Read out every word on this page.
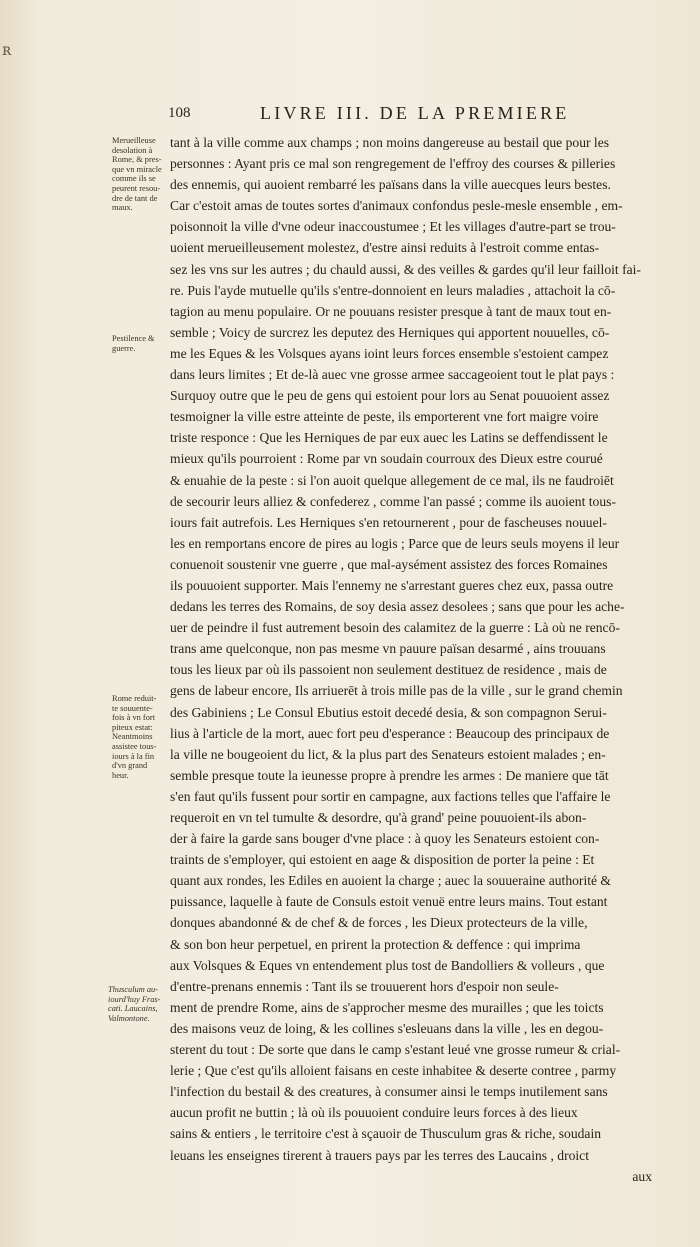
ʀ
108	LIVRE III. DE LA PREMIERE
Merueilleuse
desolation à
Rome, & pres-
que vn miracle
comme ils se
peurent resou-
dre de tant de
maux.
Pestilence &
guerre.
Rome reduit-
te souuente-
fois à vn fort
piteux estat:
Neantmoins
assistee tous-
iours à la fin
d'vn grand
heur.
Thusculum au-
iourd'huy Fras-
cati. Laucains,
Valmontone.
tant à la ville comme aux champs ; non moins dangereuse au bestail que pour les
personnes : Ayant pris ce mal son rengregement de l'effroy des courses & pilleries
des ennemis, qui auoient rembarré les païsans dans la ville auecques leurs bestes.
Car c'estoit amas de toutes sortes d'animaux confondus pesle-mesle ensemble , em-
poisonnoit la ville d'vne odeur inaccoustumee ; Et les villages d'autre-part se trou-
uoient merueilleusement molestez, d'estre ainsi reduits à l'estroit comme entas-
sez les vns sur les autres ; du chauld aussi, & des veilles & gardes qu'il leur failloit fai-
re. Puis l'ayde mutuelle qu'ils s'entre-donnoient en leurs maladies , attachoit la cō-
tagion au menu populaire. Or ne pouuans resister presque à tant de maux tout en-
semble ; Voicy de surcrez les deputez des Herniques qui apportent nouuelles, cō-
me les Eques & les Volsques ayans ioint leurs forces ensemble s'estoient campez
dans leurs limites ; Et de-là auec vne grosse armee saccageoient tout le plat pays :
Surquoy outre que le peu de gens qui estoient pour lors au Senat pouuoient assez
tesmoigner la ville estre atteinte de peste, ils emporterent vne fort maigre voire
triste responce : Que les Herniques de par eux auec les Latins se deffendissent le
mieux qu'ils pourroient : Rome par vn soudain courroux des Dieux estre courué
& enuahie de la peste : si l'on auoit quelque allegement de ce mal, ils ne faudroiēt
de secourir leurs alliez & confederez , comme l'an passé ; comme ils auoient tous-
iours fait autrefois. Les Herniques s'en retournerent , pour de fascheuses nouuel-
les en remportans encore de pires au logis ; Parce que de leurs seuls moyens il leur
conuenoit soustenir vne guerre , que mal-aysément assistez des forces Romaines
ils pouuoient supporter. Mais l'ennemy ne s'arrestant gueres chez eux, passa outre
dedans les terres des Romains, de soy desia assez desolees ; sans que pour les ache-
uer de peindre il fust autrement besoin des calamitez de la guerre : Là où ne rencō-
trans ame quelconque, non pas mesme vn pauure païsan desarmé , ains trouuans
tous les lieux par où ils passoient non seulement destituez de residence , mais de
gens de labeur encore, Ils arriuerēt à trois mille pas de la ville , sur le grand chemin
des Gabiniens ; Le Consul Ebutius estoit decedé desia, & son compagnon Serui-
lius à l'article de la mort, auec fort peu d'esperance : Beaucoup des principaux de
la ville ne bougeoient du lict, & la plus part des Senateurs estoient malades ; en-
semble presque toute la ieunesse propre à prendre les armes : De maniere que tāt
s'en faut qu'ils fussent pour sortir en campagne, aux factions telles que l'affaire le
requeroit en vn tel tumulte & desordre, qu'à grand' peine pouuoient-ils abon-
der à faire la garde sans bouger d'vne place : à quoy les Senateurs estoient con-
traints de s'employer, qui estoient en aage & disposition de porter la peine : Et
quant aux rondes, les Ediles en auoient la charge ; auec la souueraine authorité &
puissance, laquelle à faute de Consuls estoit venuë entre leurs mains. Tout estant
donques abandonné & de chef & de forces , les Dieux protecteurs de la ville,
& son bon heur perpetuel, en prirent la protection & deffence : qui imprima
aux Volsques & Eques vn entendement plus tost de Bandolliers & volleurs , que
d'entre-prenans ennemis : Tant ils se trouuerent hors d'espoir non seule-
ment de prendre Rome, ains de s'approcher mesme des murailles ; que les toicts
des maisons veuz de loing, & les collines s'esleuans dans la ville , les en degou-
sterent du tout : De sorte que dans le camp s'estant leué vne grosse rumeur & crial-
lerie ; Que c'est qu'ils alloient faisans en ceste inhabitee & deserte contree , parmy
l'infection du bestail & des creatures, à consumer ainsi le temps inutilement sans
aucun profit ne buttin ; là où ils pouuoient conduire leurs forces à des lieux
sains & entiers , le territoire c'est à sçauoir de Thusculum gras & riche, soudain
leuans les enseignes tirerent à trauers pays par les terres des Laucains , droict
aux
